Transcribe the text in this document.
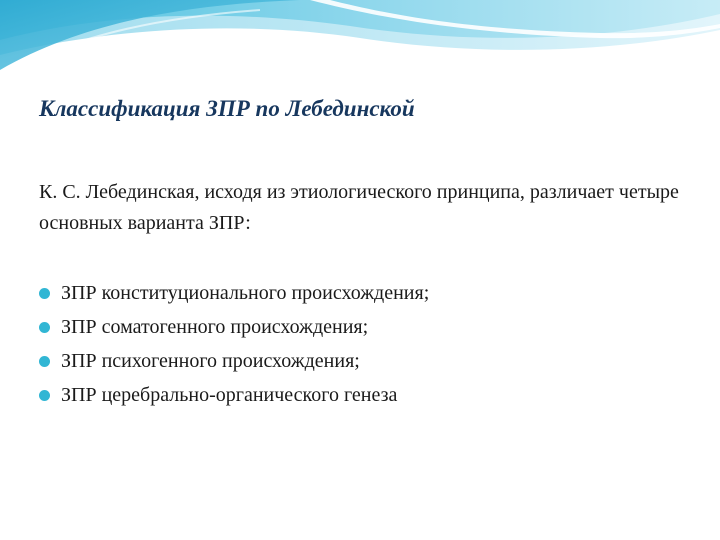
Классификация ЗПР по Лебединской

К. С. Лебединская, исходя из этиологического принципа, различает четыре основных варианта ЗПР:

ЗПР конституционального происхождения;
ЗПР соматогенного происхождения;
ЗПР психогенного происхождения;
ЗПР церебрально-органического генеза
